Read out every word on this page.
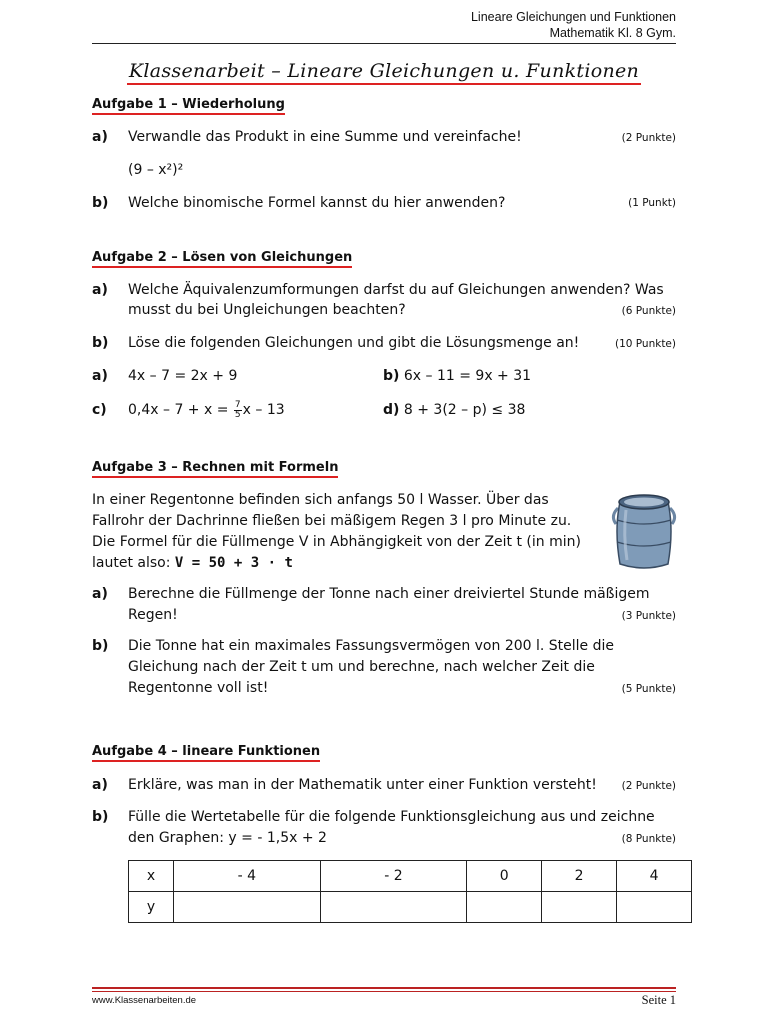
Lineare Gleichungen und Funktionen
Mathematik Kl. 8 Gym.
Klassenarbeit – Lineare Gleichungen u. Funktionen
Aufgabe 1 – Wiederholung
a) Verwandle das Produkt in eine Summe und vereinfache!	(2 Punkte)
(9 – x²)²
b) Welche binomische Formel kannst du hier anwenden?	(1 Punkt)
Aufgabe 2 – Lösen von Gleichungen
a) Welche Äquivalenzumformungen darfst du auf Gleichungen anwenden? Was
musst du bei Ungleichungen beachten?	(6 Punkte)
b) Löse die folgenden Gleichungen und gibt die Lösungsmenge an!	(10 Punkte)
a) 4x – 7 = 2x + 9	b) 6x – 11 = 9x + 31
c) $0,4x - 7 + x = \frac{7}{5}$ x – 13	d) 8 + 3(2 – p) ≤ 38
Aufgabe 3 – Rechnen mit Formeln
In einer Regentonne befinden sich anfangs 50 l Wasser. Über das
Fallrohr der Dachrinne fließen bei mäßigem Regen 3 l pro Minute zu.
Die Formel für die Füllmenge V in Abhängigkeit von der Zeit t (in min)
lautet also: V = 50 + 3 · t
a) Berechne die Füllmenge der Tonne nach einer dreiviertel Stunde mäßigem
Regen!	(3 Punkte)
b) Die Tonne hat ein maximales Fassungsvermögen von 200 l. Stelle die
Gleichung nach der Zeit t um und berechne, nach welcher Zeit die
Regentonne voll ist!	(5 Punkte)
Aufgabe 4 – lineare Funktionen
a) Erkläre, was man in der Mathematik unter einer Funktion versteht! (2 Punkte)
b) Fülle die Wertetabelle für die folgende Funktionsgleichung aus und zeichne
den Graphen: y = - 1,5x + 2	(8 Punkte)
x	- 4	- 2	0	2	4
y					
www.Klassenarbeiten.de	Seite 1
